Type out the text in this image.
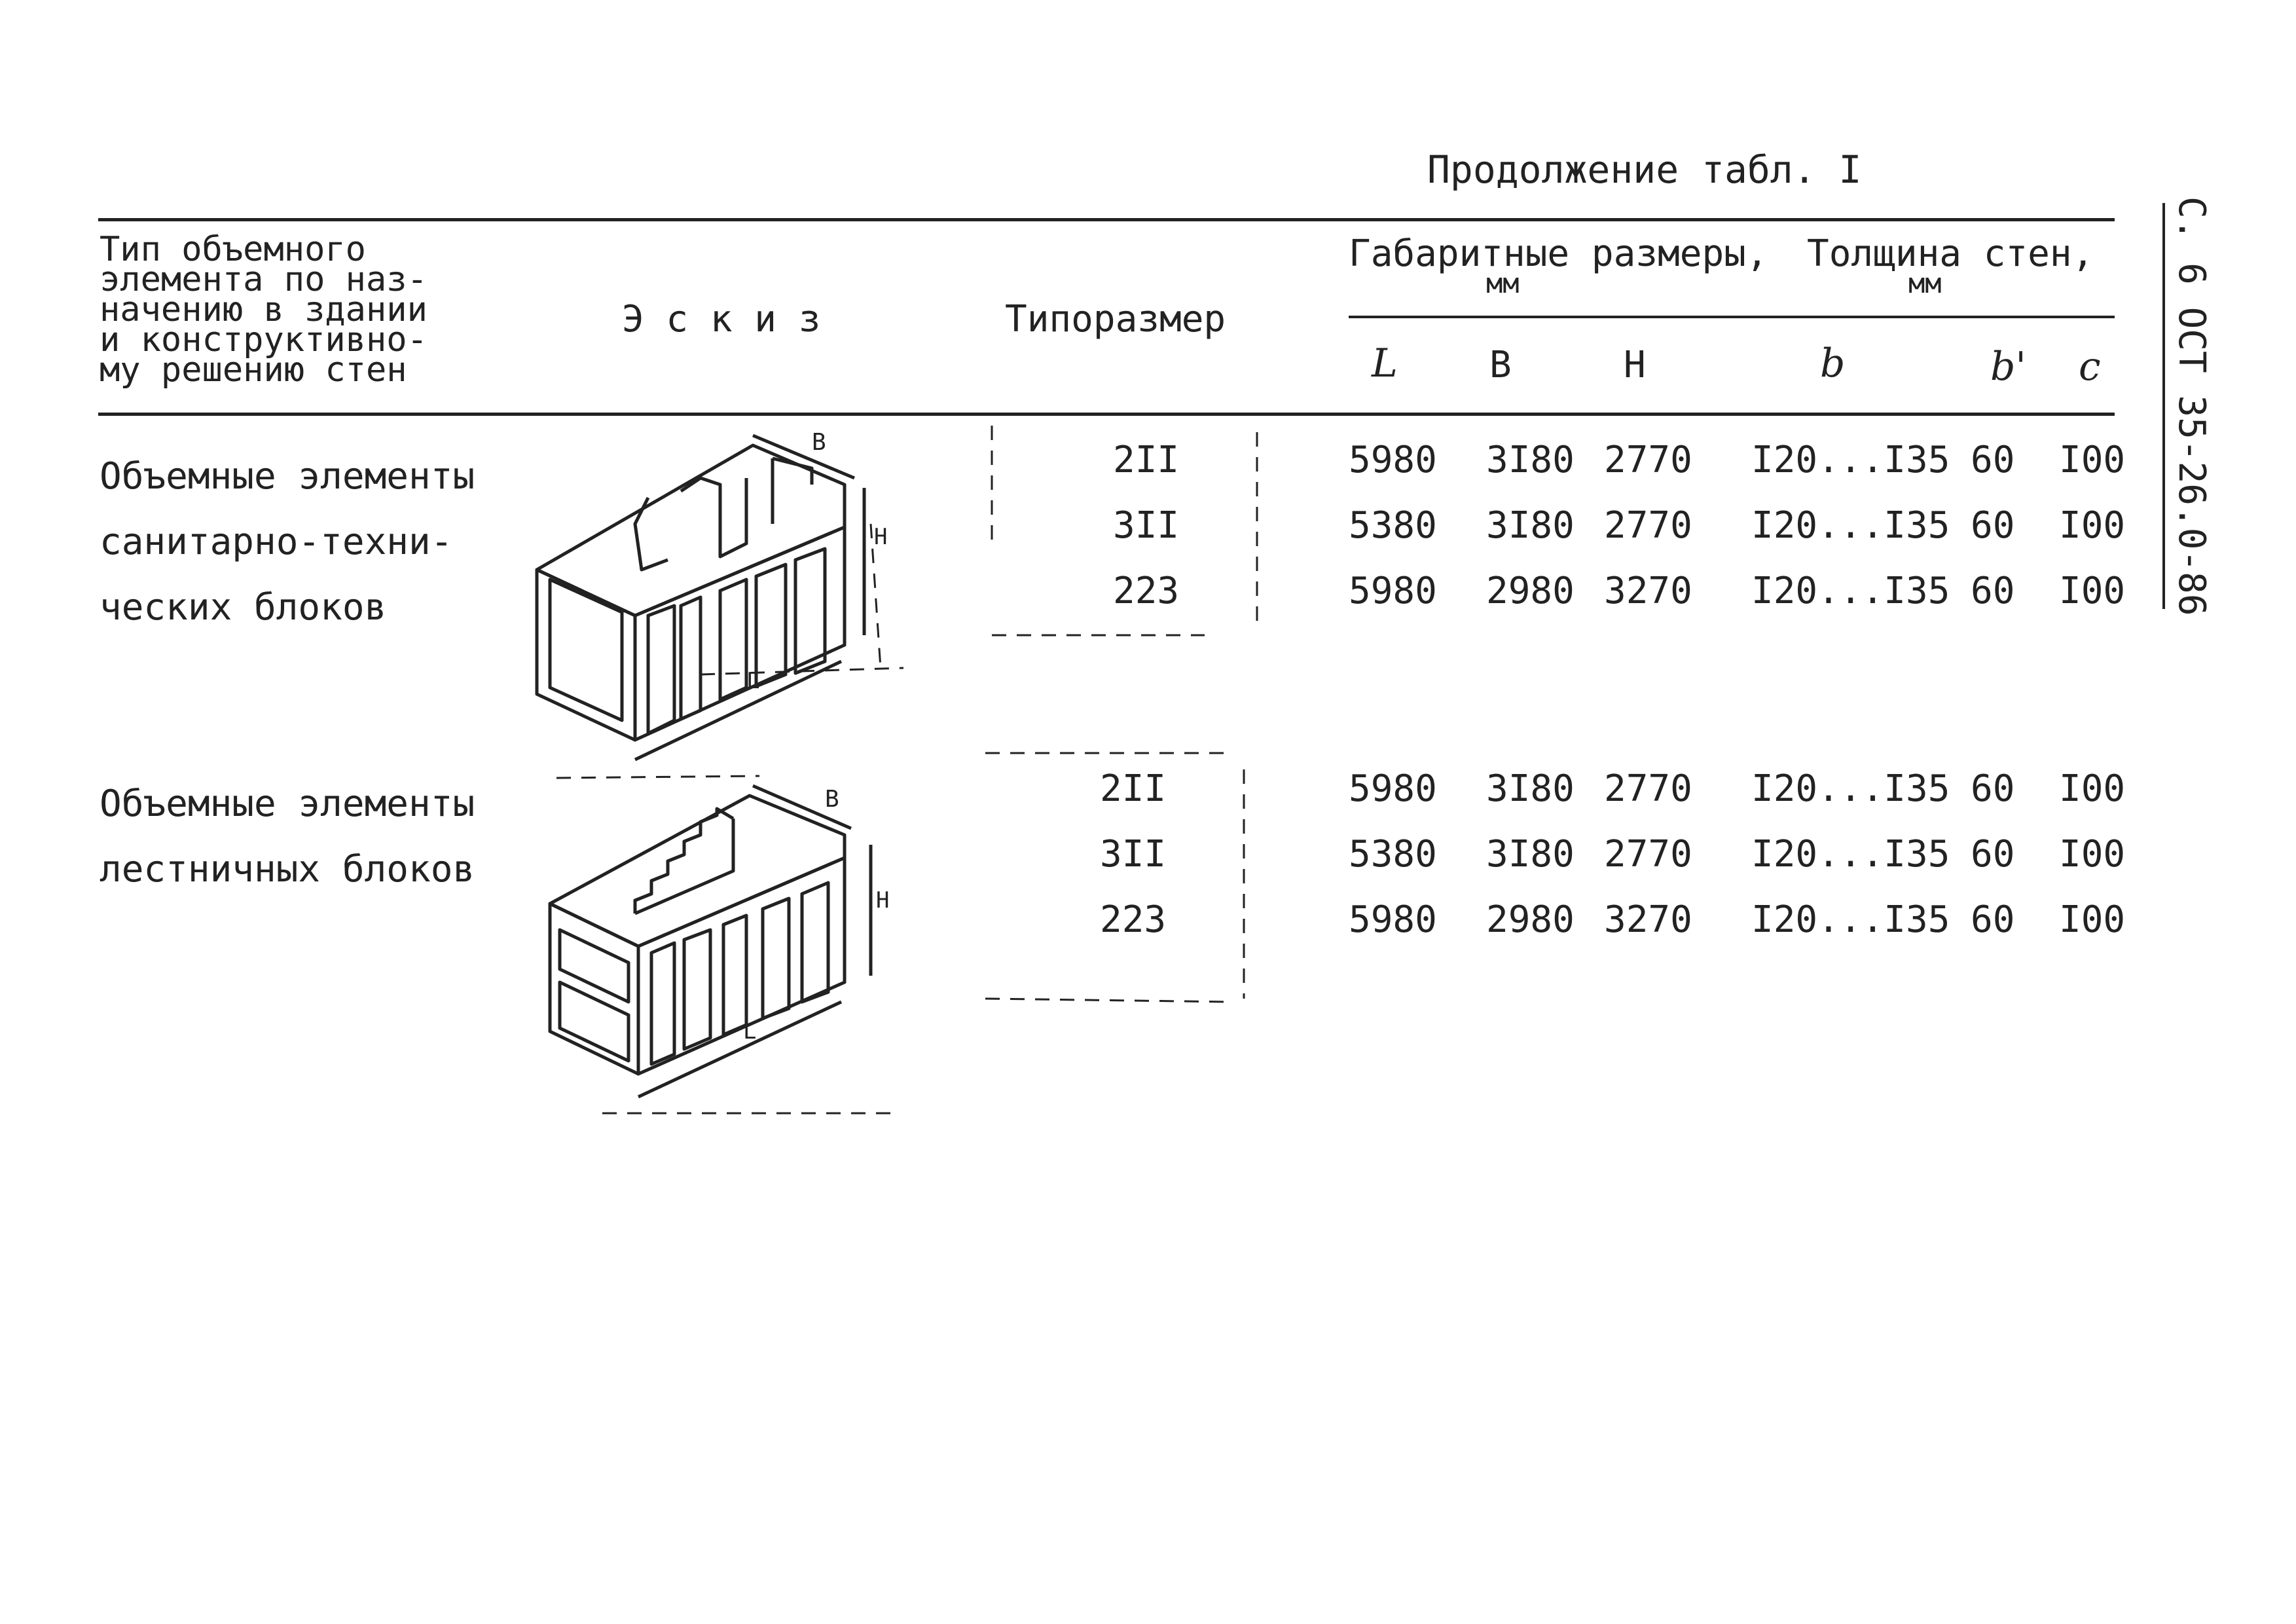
Продолжение табл. I
Тип объемного
элемента по наз-
начению в здании
и конструктивно-
му решению стен
Э с к и з	Типоразмер
Габаритные размеры,
мм
Толщина стен,
мм
L	B	H	b	b' c С. 6 ОСТ 35-26.0-86
Объемные элементы
санитарно-техни-
ческих блоков
B
H
L
2II	5980 3I80 2770 I20...I35 60 I00
3II	5380 3I80 2770 I20...I35 60 I00
223	5980 2980 3270 I20...I35 60 I00
Объемные элементы
лестничных блоков
B
H
L
2II	5980 3I80 2770 I20...I35 60 I00
3II	5380 3I80 2770 I20...I35 60 I00
223	5980 2980 3270 I20...I35 60 I00
